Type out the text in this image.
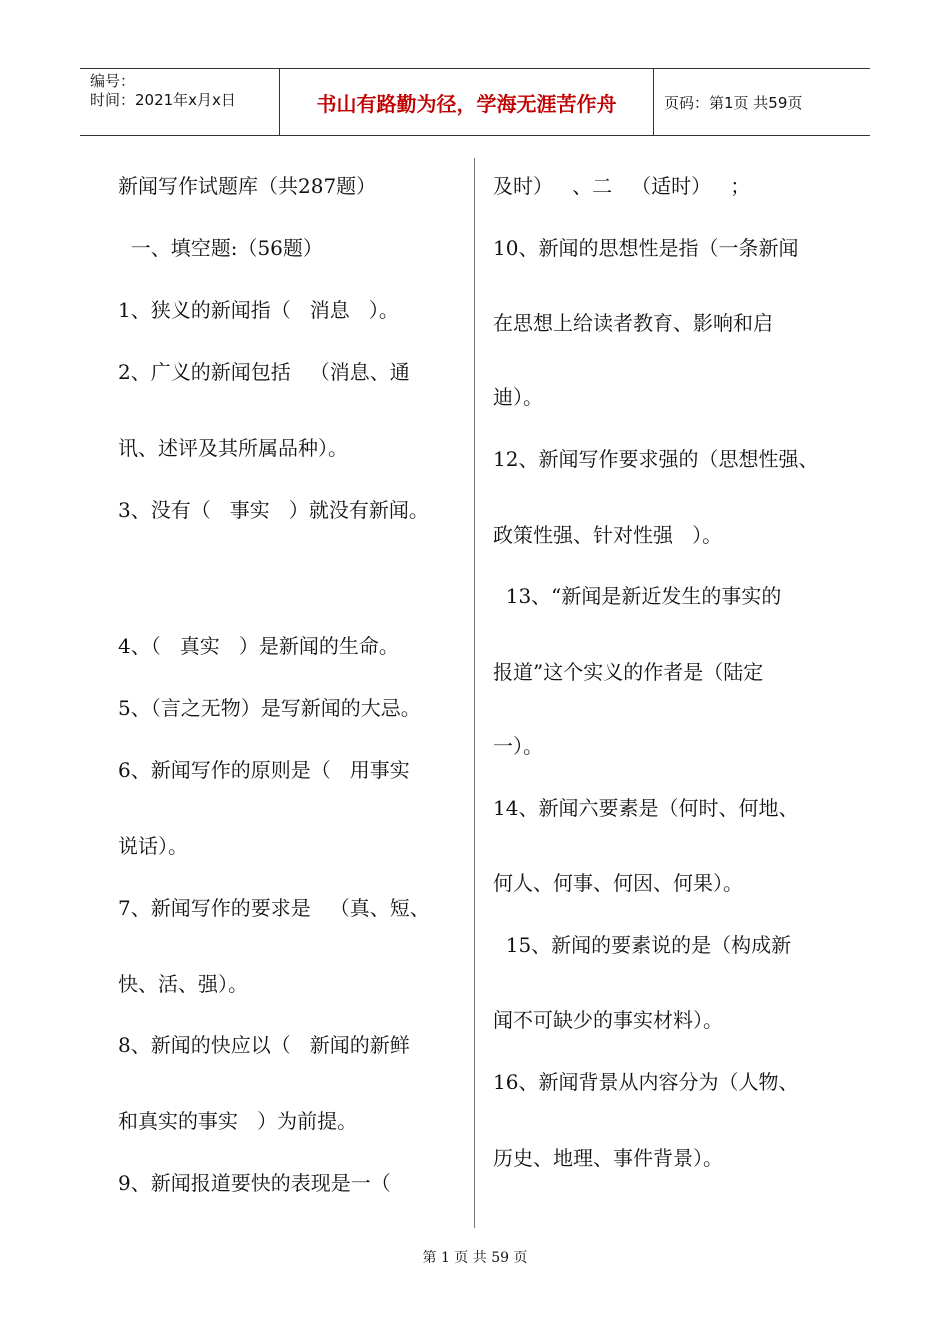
编号：
时间：2021年x月x日	书山有路勤为径，学海无涯苦作舟	页码：第1页 共59页
新闻写作试题库（共287题）
一、填空题:（56题）
1、狭义的新闻指（   消息   ）。
2、广义的新闻包括   （消息、通
讯、述评及其所属品种）。
3、没有（   事实   ）就没有新闻。
4、（   真实   ）是新闻的生命。
5、（言之无物）是写新闻的大忌。
6、新闻写作的原则是（   用事实
说话）。
7、新闻写作的要求是   （真、短、
快、活、强）。
8、新闻的快应以（   新闻的新鲜
和真实的事实   ）为前提。
9、新闻报道要快的表现是一（
及时）   、二   （适时）   ；
10、新闻的思想性是指（一条新闻
在思想上给读者教育、影响和启
迪）。
12、新闻写作要求强的（思想性强、
政策性强、针对性强   ）。
13、“新闻是新近发生的事实的
报道”这个实义的作者是（陆定
一）。
14、新闻六要素是（何时、何地、
何人、何事、何因、何果）。
15、新闻的要素说的是（构成新
闻不可缺少的事实材料）。
16、新闻背景从内容分为（人物、
历史、地理、事件背景）。
第 1 页 共 59 页
